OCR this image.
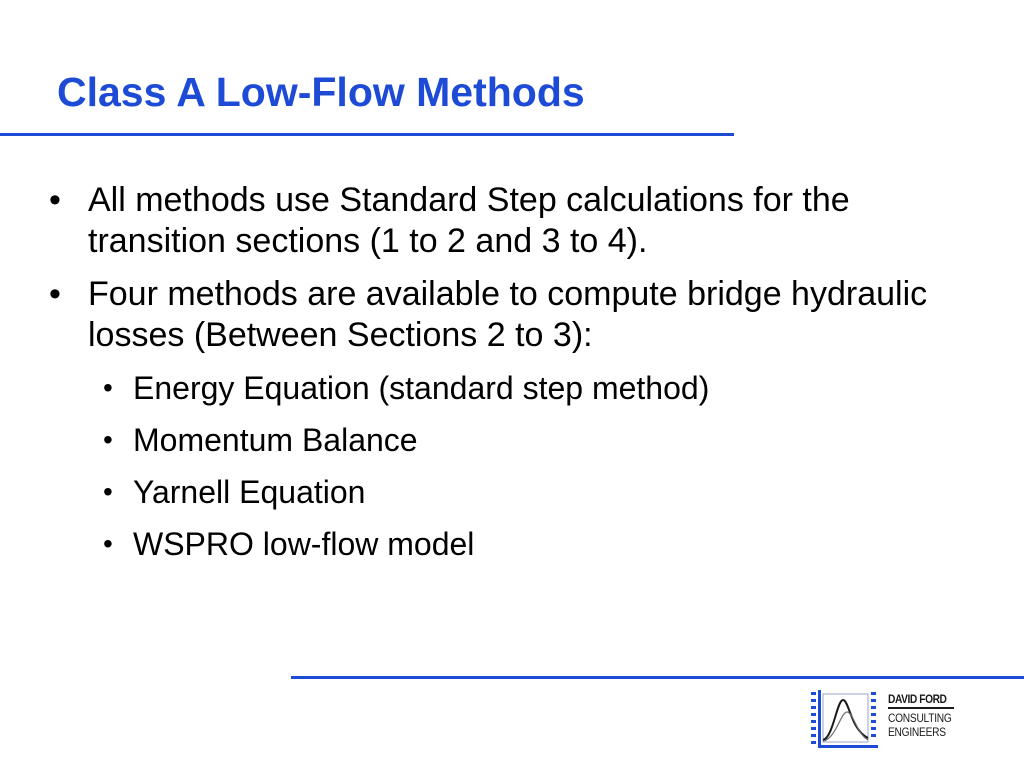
Class A Low-Flow Methods
• All methods use Standard Step calculations for the transition sections (1 to 2 and 3 to 4).
• Four methods are available to compute bridge hydraulic losses (Between Sections 2 to 3):
• Energy Equation (standard step method)
• Momentum Balance
• Yarnell Equation
• WSPRO low-flow model
DAVID FORD
CONSULTING
ENGINEERS
